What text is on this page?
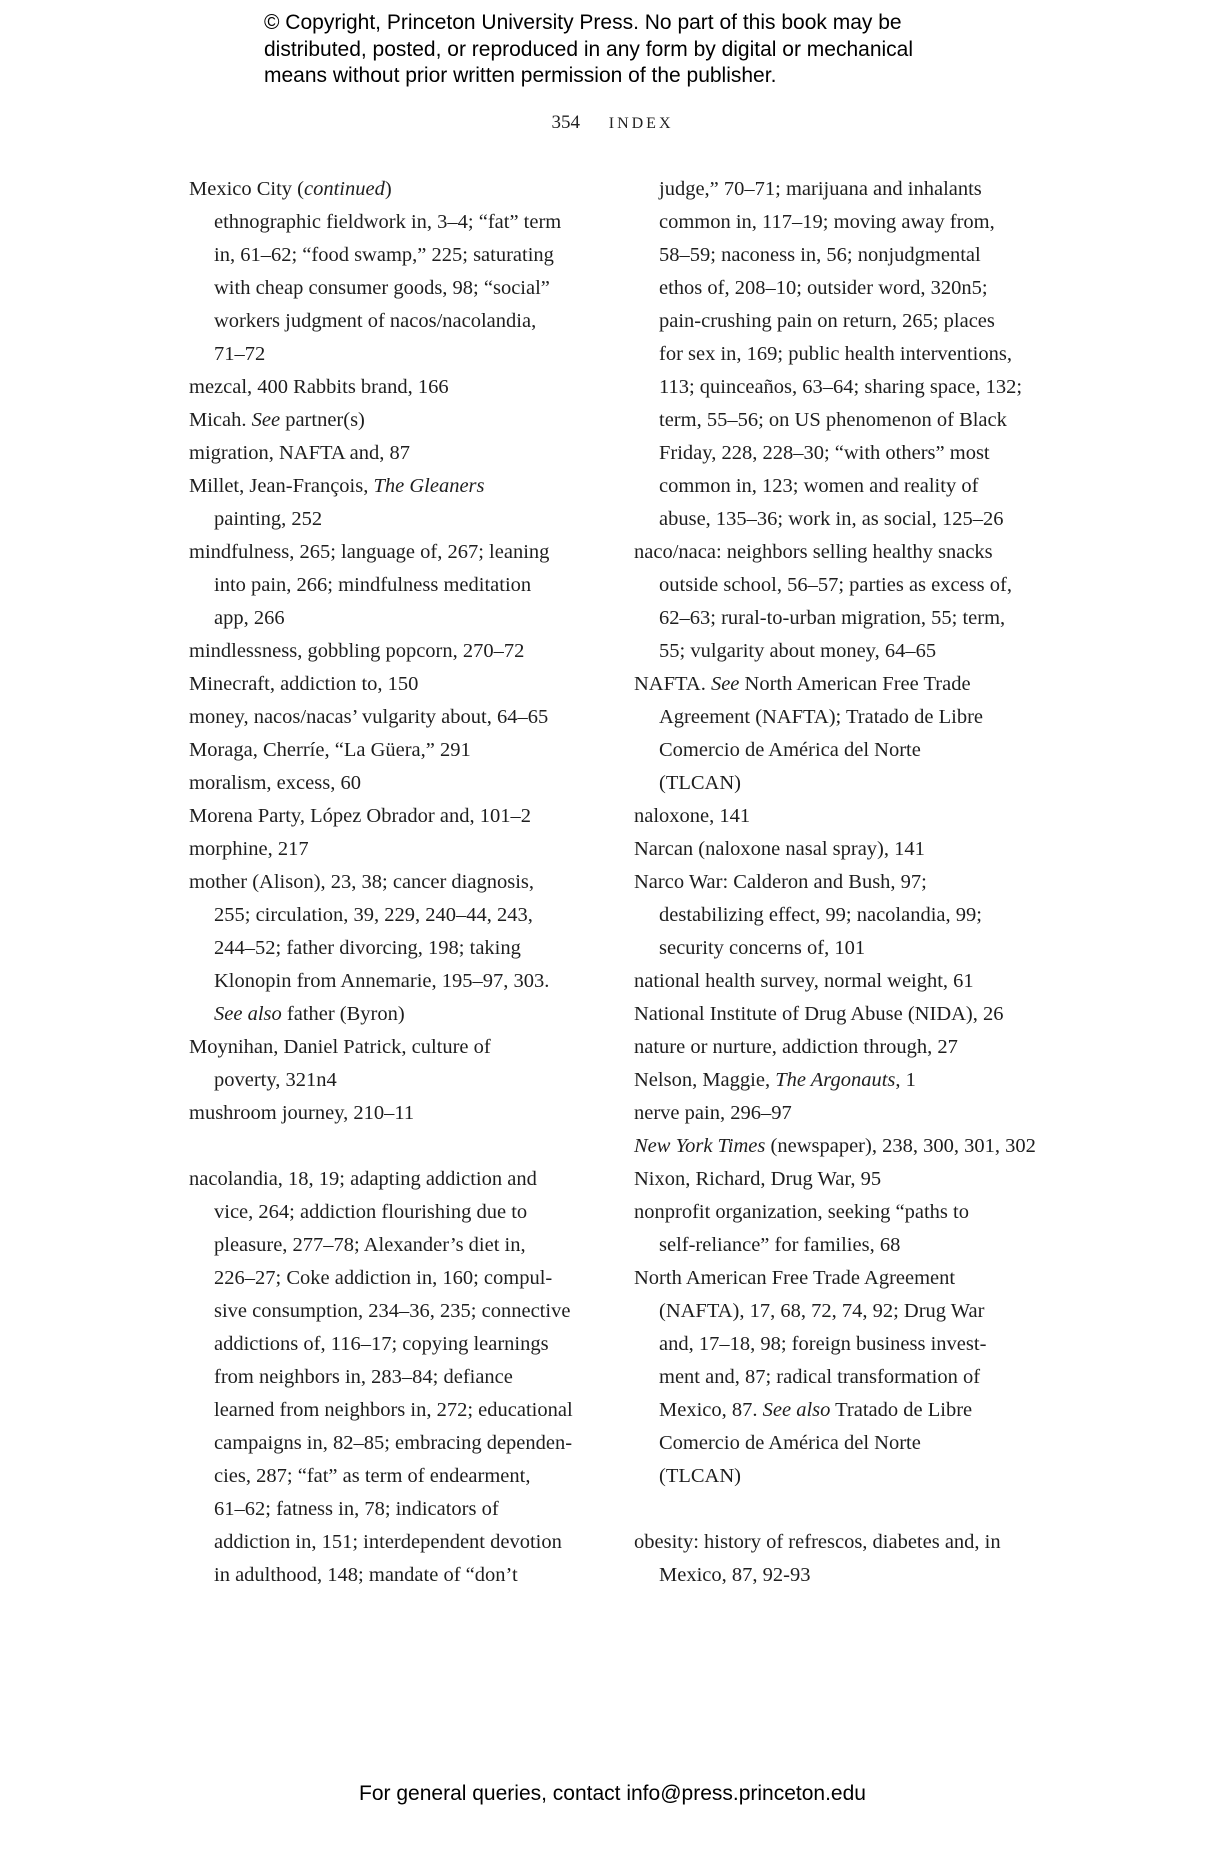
© Copyright, Princeton University Press. No part of this book may be
distributed, posted, or reproduced in any form by digital or mechanical
means without prior written permission of the publisher.
354 INDEX
Mexico City (continued)
ethnographic fieldwork in, 3–4; “fat” term
in, 61–62; “food swamp,” 225; saturating
with cheap consumer goods, 98; “social”
workers judgment of nacos/nacolandia,
71–72
mezcal, 400 Rabbits brand, 166
Micah. See partner(s)
migration, NAFTA and, 87
Millet, Jean-François, The Gleaners
painting, 252
mindfulness, 265; language of, 267; leaning
into pain, 266; mindfulness meditation
app, 266
mindlessness, gobbling popcorn, 270–72
Minecraft, addiction to, 150
money, nacos/nacas’ vulgarity about, 64–65
Moraga, Cherríe, “La Güera,” 291
moralism, excess, 60
Morena Party, López Obrador and, 101–2
morphine, 217
mother (Alison), 23, 38; cancer diagnosis,
255; circulation, 39, 229, 240–44, 243,
244–52; father divorcing, 198; taking
Klonopin from Annemarie, 195–97, 303.
See also father (Byron)
Moynihan, Daniel Patrick, culture of
poverty, 321n4
mushroom journey, 210–11
nacolandia, 18, 19; adapting addiction and
vice, 264; addiction flourishing due to
pleasure, 277–78; Alexander’s diet in,
226–27; Coke addiction in, 160; compul-
sive consumption, 234–36, 235; connective
addictions of, 116–17; copying learnings
from neighbors in, 283–84; defiance
learned from neighbors in, 272; educational
campaigns in, 82–85; embracing dependen-
cies, 287; “fat” as term of endearment,
61–62; fatness in, 78; indicators of
addiction in, 151; interdependent devotion
in adulthood, 148; mandate of “don’t
judge,” 70–71; marijuana and inhalants
common in, 117–19; moving away from,
58–59; naconess in, 56; nonjudgmental
ethos of, 208–10; outsider word, 320n5;
pain-crushing pain on return, 265; places
for sex in, 169; public health interventions,
113; quinceaños, 63–64; sharing space, 132;
term, 55–56; on US phenomenon of Black
Friday, 228, 228–30; “with others” most
common in, 123; women and reality of
abuse, 135–36; work in, as social, 125–26
naco/naca: neighbors selling healthy snacks
outside school, 56–57; parties as excess of,
62–63; rural-to-urban migration, 55; term,
55; vulgarity about money, 64–65
NAFTA. See North American Free Trade
Agreement (NAFTA); Tratado de Libre
Comercio de América del Norte
(TLCAN)
naloxone, 141
Narcan (naloxone nasal spray), 141
Narco War: Calderon and Bush, 97;
destabilizing effect, 99; nacolandia, 99;
security concerns of, 101
national health survey, normal weight, 61
National Institute of Drug Abuse (NIDA), 26
nature or nurture, addiction through, 27
Nelson, Maggie, The Argonauts, 1
nerve pain, 296–97
New York Times (newspaper), 238, 300, 301, 302
Nixon, Richard, Drug War, 95
nonprofit organization, seeking “paths to
self-reliance” for families, 68
North American Free Trade Agreement
(NAFTA), 17, 68, 72, 74, 92; Drug War
and, 17–18, 98; foreign business invest-
ment and, 87; radical transformation of
Mexico, 87. See also Tratado de Libre
Comercio de América del Norte
(TLCAN)
obesity: history of refrescos, diabetes and, in
Mexico, 87, 92-93
For general queries, contact info@press.princeton.edu
